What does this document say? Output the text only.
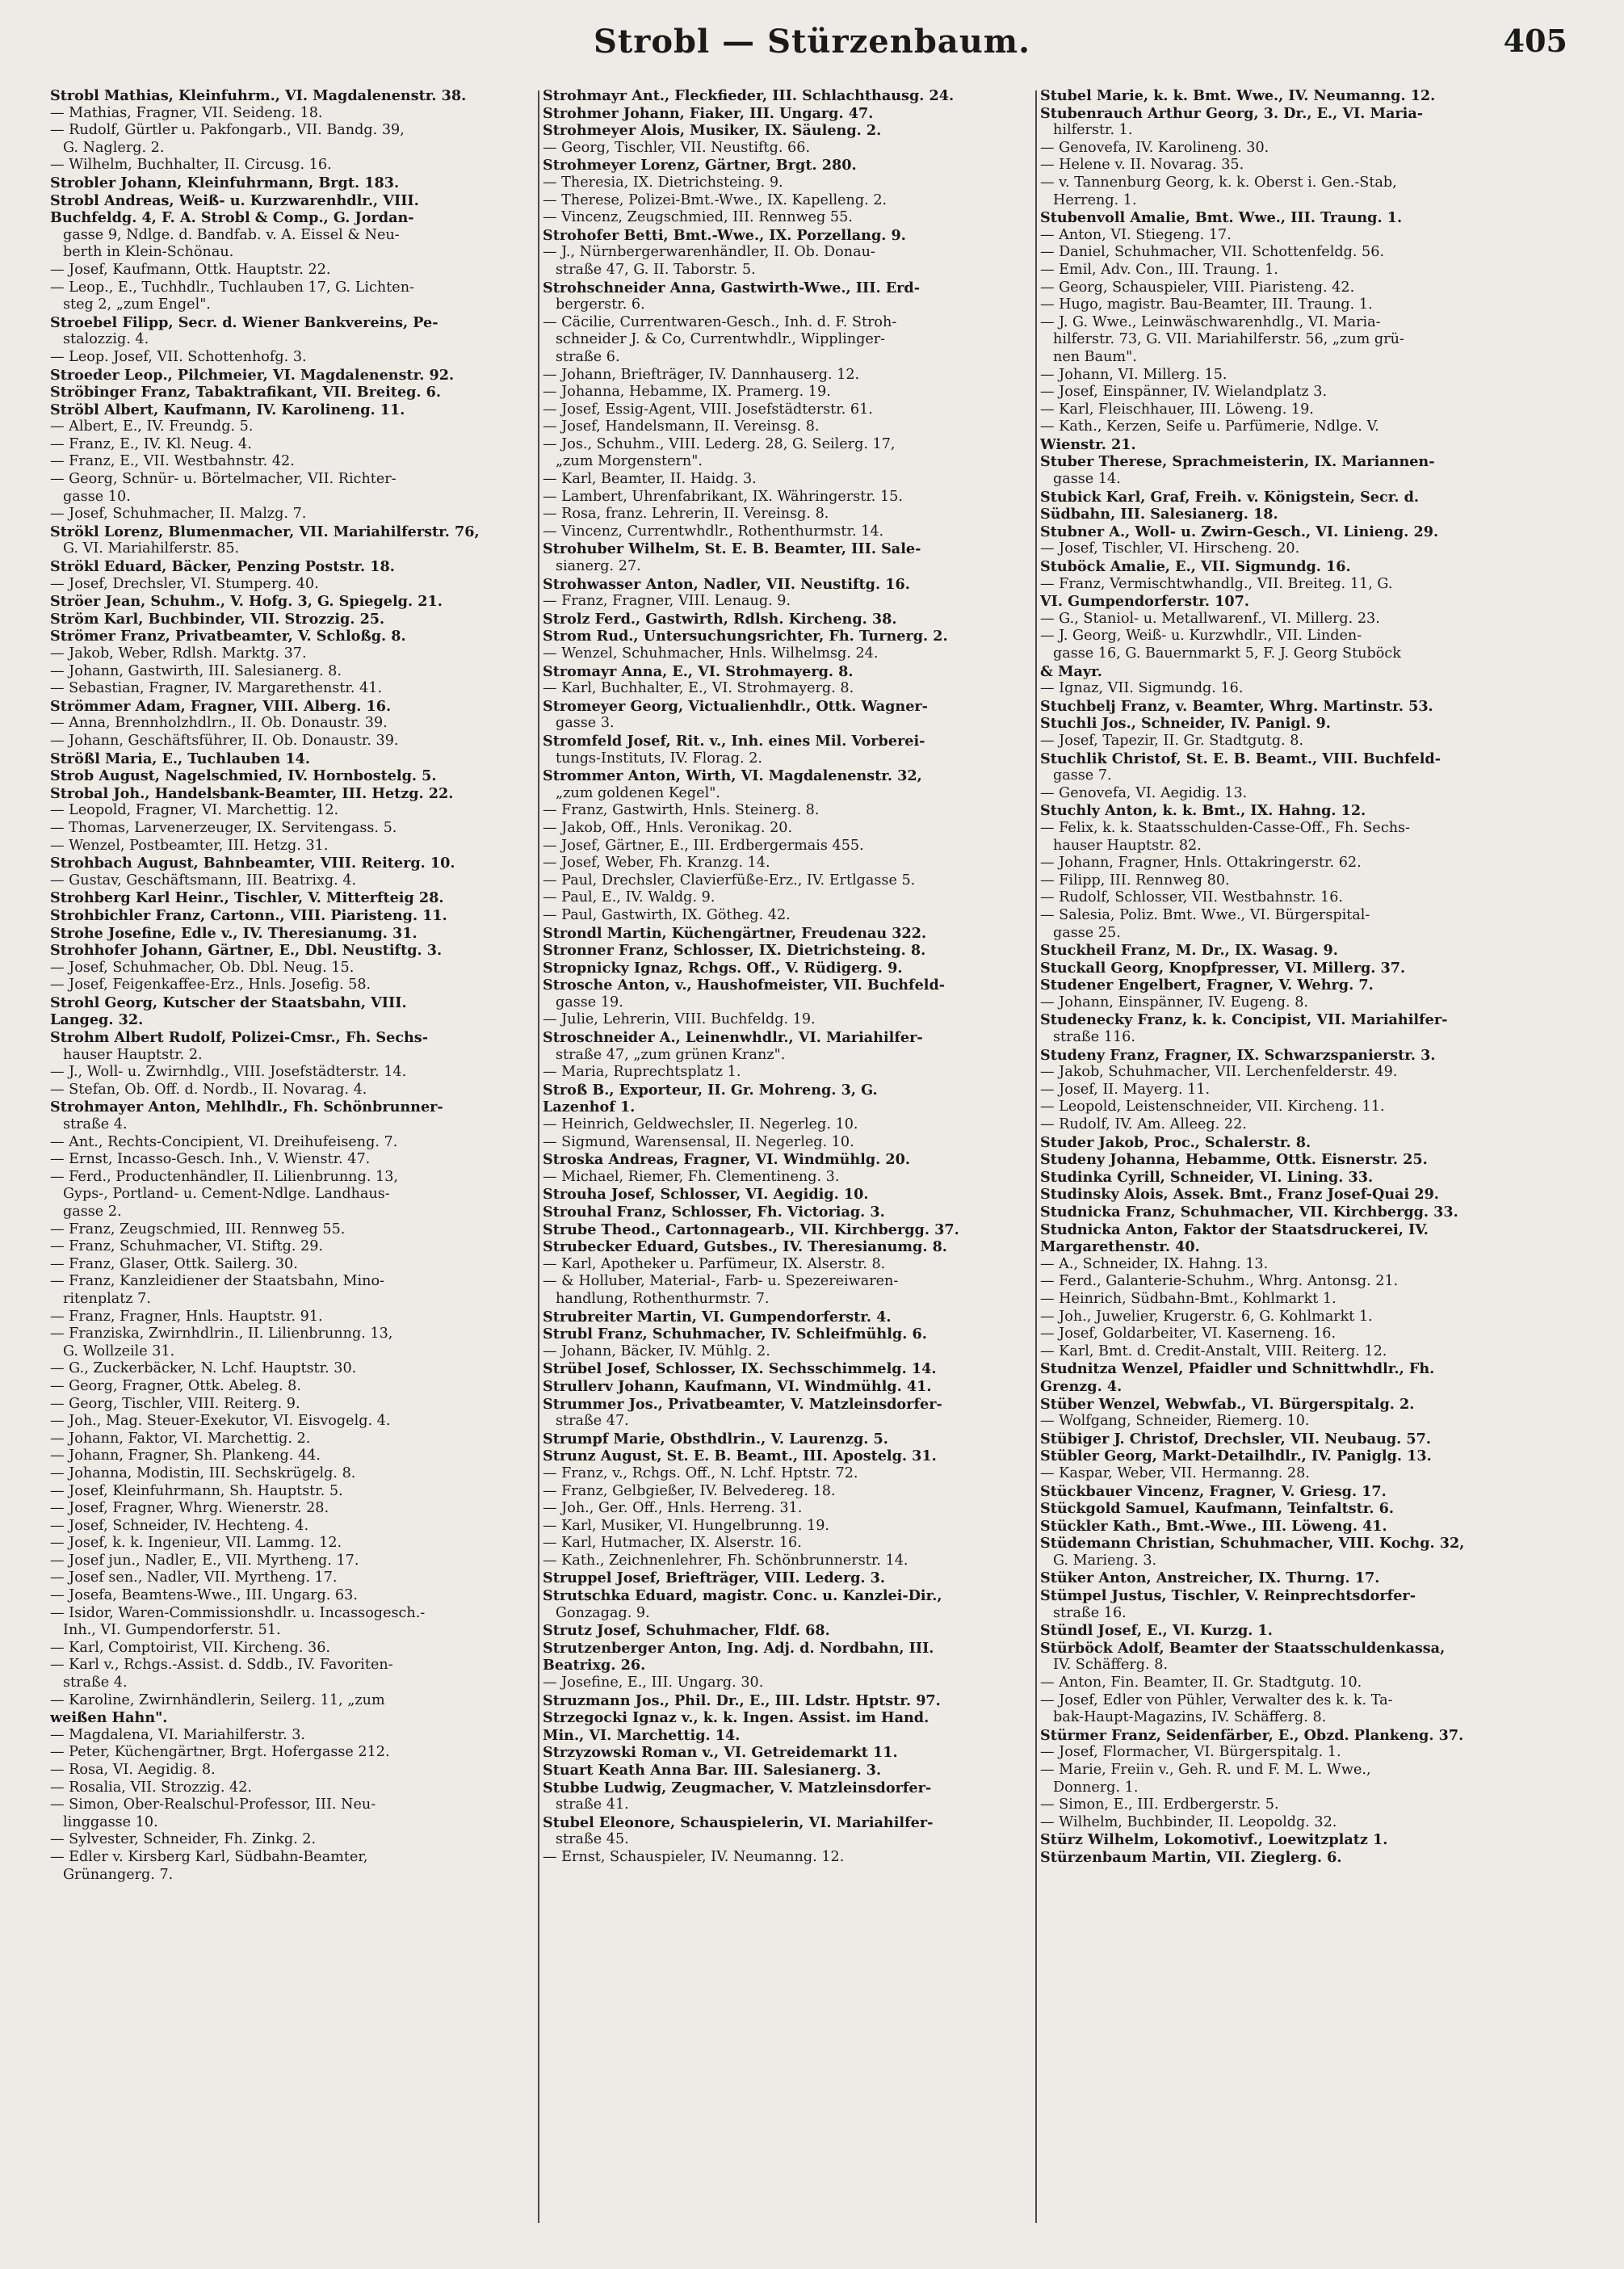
Strobl — Stürzenbaum.	405
Strobl Mathias, Kleinfuhrm., VI. Magdalenenstr. 38.
— Mathias, Fragner, VII. Seideng. 18.
— Rudolf, Gürtler u. Pakfongarb., VII. Bandg. 39,
G. Naglerg. 2.
— Wilhelm, Buchhalter, II. Circusg. 16.
Strobler Johann, Kleinfuhrmann, Brgt. 183.
Strobl Andreas, Weiß- u. Kurzwarenhdlr., VIII.
Buchfeldg. 4, F. A. Strobl & Comp., G. Jordan-
gasse 9, Ndlge. d. Bandfab. v. A. Eissel & Neu-
berth in Klein-Schönau.
— Josef, Kaufmann, Ottk. Hauptstr. 22.
— Leop., E., Tuchhdlr., Tuchlauben 17, G. Lichten-
steg 2, „zum Engel".
Stroebel Filipp, Secr. d. Wiener Bankvereins, Pe-
stalozzig. 4.
— Leop. Josef, VII. Schottenhofg. 3.
Stroeder Leop., Pilchmeier, VI. Magdalenenstr. 92.
Ströbinger Franz, Tabaktrafikant, VII. Breiteg. 6.
Ströbl Albert, Kaufmann, IV. Karolineng. 11.
— Albert, E., IV. Freundg. 5.
— Franz, E., IV. Kl. Neug. 4.
— Franz, E., VII. Westbahnstr. 42.
— Georg, Schnür- u. Börtelmacher, VII. Richter-
gasse 10.
— Josef, Schuhmacher, II. Malzg. 7.
Strökl Lorenz, Blumenmacher, VII. Mariahilferstr. 76,
G. VI. Mariahilferstr. 85.
Strökl Eduard, Bäcker, Penzing Poststr. 18.
— Josef, Drechsler, VI. Stumperg. 40.
Ströer Jean, Schuhm., V. Hofg. 3, G. Spiegelg. 21.
Ström Karl, Buchbinder, VII. Strozzig. 25.
Strömer Franz, Privatbeamter, V. Schloßg. 8.
— Jakob, Weber, Rdlsh. Marktg. 37.
— Johann, Gastwirth, III. Salesianerg. 8.
— Sebastian, Fragner, IV. Margarethenstr. 41.
Strömmer Adam, Fragner, VIII. Alberg. 16.
— Anna, Brennholzhdlrn., II. Ob. Donaustr. 39.
— Johann, Geschäftsführer, II. Ob. Donaustr. 39.
Strößl Maria, E., Tuchlauben 14.
Strob August, Nagelschmied, IV. Hornbostelg. 5.
Strobal Joh., Handelsbank-Beamter, III. Hetzg. 22.
— Leopold, Fragner, VI. Marchettig. 12.
— Thomas, Larvenerzeuger, IX. Servitengass. 5.
— Wenzel, Postbeamter, III. Hetzg. 31.
Strohbach August, Bahnbeamter, VIII. Reiterg. 10.
— Gustav, Geschäftsmann, III. Beatrixg. 4.
Strohberg Karl Heinr., Tischler, V. Mitterfteig 28.
Strohbichler Franz, Cartonn., VIII. Piaristeng. 11.
Strohe Josefine, Edle v., IV. Theresianumg. 31.
Strohhofer Johann, Gärtner, E., Dbl. Neustiftg. 3.
— Josef, Schuhmacher, Ob. Dbl. Neug. 15.
— Josef, Feigenkaffee-Erz., Hnls. Josefig. 58.
Strohl Georg, Kutscher der Staatsbahn, VIII.
Langeg. 32.
Strohm Albert Rudolf, Polizei-Cmsr., Fh. Sechs-
hauser Hauptstr. 2.
— J., Woll- u. Zwirnhdlg., VIII. Josefstädterstr. 14.
— Stefan, Ob. Off. d. Nordb., II. Novarag. 4.
Strohmayer Anton, Mehlhdlr., Fh. Schönbrunner-
straße 4.
— Ant., Rechts-Concipient, VI. Dreihufeiseng. 7.
— Ernst, Incasso-Gesch. Inh., V. Wienstr. 47.
— Ferd., Productenhändler, II. Lilienbrunng. 13,
Gyps-, Portland- u. Cement-Ndlge. Landhaus-
gasse 2.
— Franz, Zeugschmied, III. Rennweg 55.
— Franz, Schuhmacher, VI. Stiftg. 29.
— Franz, Glaser, Ottk. Sailerg. 30.
— Franz, Kanzleidiener der Staatsbahn, Mino-
ritenplatz 7.
— Franz, Fragner, Hnls. Hauptstr. 91.
— Franziska, Zwirnhdlrin., II. Lilienbrunng. 13,
G. Wollzeile 31.
— G., Zuckerbäcker, N. Lchf. Hauptstr. 30.
— Georg, Fragner, Ottk. Abeleg. 8.
— Georg, Tischler, VIII. Reiterg. 9.
— Joh., Mag. Steuer-Exekutor, VI. Eisvogelg. 4.
— Johann, Faktor, VI. Marchettig. 2.
— Johann, Fragner, Sh. Plankeng. 44.
— Johanna, Modistin, III. Sechskrügelg. 8.
— Josef, Kleinfuhrmann, Sh. Hauptstr. 5.
— Josef, Fragner, Whrg. Wienerstr. 28.
— Josef, Schneider, IV. Hechteng. 4.
— Josef, k. k. Ingenieur, VII. Lammg. 12.
— Josef jun., Nadler, E., VII. Myrtheng. 17.
— Josef sen., Nadler, VII. Myrtheng. 17.
— Josefa, Beamtens-Wwe., III. Ungarg. 63.
— Isidor, Waren-Commissionshdlr. u. Incassogesch.-
Inh., VI. Gumpendorferstr. 51.
— Karl, Comptoirist, VII. Kircheng. 36.
— Karl v., Rchgs.-Assist. d. Sddb., IV. Favoriten-
straße 4.
— Karoline, Zwirnhändlerin, Seilerg. 11, „zum
weißen Hahn".
— Magdalena, VI. Mariahilferstr. 3.
— Peter, Küchengärtner, Brgt. Hofergasse 212.
— Rosa, VI. Aegidig. 8.
— Rosalia, VII. Strozzig. 42.
— Simon, Ober-Realschul-Professor, III. Neu-
linggasse 10.
— Sylvester, Schneider, Fh. Zinkg. 2.
— Edler v. Kirsberg Karl, Südbahn-Beamter,
Grünangerg. 7.
Strohmayr Ant., Fleckfieder, III. Schlachthausg. 24.
Strohmer Johann, Fiaker, III. Ungarg. 47.
Strohmeyer Alois, Musiker, IX. Säuleng. 2.
— Georg, Tischler, VII. Neustiftg. 66.
Strohmeyer Lorenz, Gärtner, Brgt. 280.
— Theresia, IX. Dietrichsteing. 9.
— Therese, Polizei-Bmt.-Wwe., IX. Kapelleng. 2.
— Vincenz, Zeugschmied, III. Rennweg 55.
Strohofer Betti, Bmt.-Wwe., IX. Porzellang. 9.
— J., Nürnbergerwarenhändler, II. Ob. Donau-
straße 47, G. II. Taborstr. 5.
Strohschneider Anna, Gastwirth-Wwe., III. Erd-
bergerstr. 6.
— Cäcilie, Currentwaren-Gesch., Inh. d. F. Stroh-
schneider J. & Co, Currentwhdlr., Wipplinger-
straße 6.
— Johann, Briefträger, IV. Dannhauserg. 12.
— Johanna, Hebamme, IX. Pramerg. 19.
— Josef, Essig-Agent, VIII. Josefstädterstr. 61.
— Josef, Handelsmann, II. Vereinsg. 8.
— Jos., Schuhm., VIII. Lederg. 28, G. Seilerg. 17,
„zum Morgenstern".
— Karl, Beamter, II. Haidg. 3.
— Lambert, Uhrenfabrikant, IX. Währingerstr. 15.
— Rosa, franz. Lehrerin, II. Vereinsg. 8.
— Vincenz, Currentwhdlr., Rothenthurmstr. 14.
Strohuber Wilhelm, St. E. B. Beamter, III. Sale-
sianerg. 27.
Strohwasser Anton, Nadler, VII. Neustiftg. 16.
— Franz, Fragner, VIII. Lenaug. 9.
Strolz Ferd., Gastwirth, Rdlsh. Kircheng. 38.
Strom Rud., Untersuchungsrichter, Fh. Turnerg. 2.
— Wenzel, Schuhmacher, Hnls. Wilhelmsg. 24.
Stromayr Anna, E., VI. Strohmayerg. 8.
— Karl, Buchhalter, E., VI. Strohmayerg. 8.
Stromeyer Georg, Victualienhdlr., Ottk. Wagner-
gasse 3.
Stromfeld Josef, Rit. v., Inh. eines Mil. Vorberei-
tungs-Instituts, IV. Florag. 2.
Strommer Anton, Wirth, VI. Magdalenenstr. 32,
„zum goldenen Kegel".
— Franz, Gastwirth, Hnls. Steinerg. 8.
— Jakob, Off., Hnls. Veronikag. 20.
— Josef, Gärtner, E., III. Erdbergermais 455.
— Josef, Weber, Fh. Kranzg. 14.
— Paul, Drechsler, Clavierfüße-Erz., IV. Ertlgasse 5.
— Paul, E., IV. Waldg. 9.
— Paul, Gastwirth, IX. Götheg. 42.
Strondl Martin, Küchengärtner, Freudenau 322.
Stronner Franz, Schlosser, IX. Dietrichsteing. 8.
Stropnicky Ignaz, Rchgs. Off., V. Rüdigerg. 9.
Strosche Anton, v., Haushofmeister, VII. Buchfeld-
gasse 19.
— Julie, Lehrerin, VIII. Buchfeldg. 19.
Stroschneider A., Leinenwhdlr., VI. Mariahilfer-
straße 47, „zum grünen Kranz".
— Maria, Ruprechtsplatz 1.
Stroß B., Exporteur, II. Gr. Mohreng. 3, G.
Lazenhof 1.
— Heinrich, Geldwechsler, II. Negerleg. 10.
— Sigmund, Warensensal, II. Negerleg. 10.
Stroska Andreas, Fragner, VI. Windmühlg. 20.
— Michael, Riemer, Fh. Clementineng. 3.
Strouha Josef, Schlosser, VI. Aegidig. 10.
Strouhal Franz, Schlosser, Fh. Victoriag. 3.
Strube Theod., Cartonnagearb., VII. Kirchbergg. 37.
Strubecker Eduard, Gutsbes., IV. Theresianumg. 8.
— Karl, Apotheker u. Parfümeur, IX. Alserstr. 8.
— & Holluber, Material-, Farb- u. Spezereiwaren-
handlung, Rothenthurmstr. 7.
Strubreiter Martin, VI. Gumpendorferstr. 4.
Strubl Franz, Schuhmacher, IV. Schleifmühlg. 6.
— Johann, Bäcker, IV. Mühlg. 2.
Strübel Josef, Schlosser, IX. Sechsschimmelg. 14.
Strullerv Johann, Kaufmann, VI. Windmühlg. 41.
Strummer Jos., Privatbeamter, V. Matzleinsdorfer-
straße 47.
Strumpf Marie, Obsthdlrin., V. Laurenzg. 5.
Strunz August, St. E. B. Beamt., III. Apostelg. 31.
— Franz, v., Rchgs. Off., N. Lchf. Hptstr. 72.
— Franz, Gelbgießer, IV. Belvedereg. 18.
— Joh., Ger. Off., Hnls. Herreng. 31.
— Karl, Musiker, VI. Hungelbrunng. 19.
— Karl, Hutmacher, IX. Alserstr. 16.
— Kath., Zeichnenlehrer, Fh. Schönbrunnerstr. 14.
Struppel Josef, Briefträger, VIII. Lederg. 3.
Strutschka Eduard, magistr. Conc. u. Kanzlei-Dir.,
Gonzagag. 9.
Strutz Josef, Schuhmacher, Fldf. 68.
Strutzenberger Anton, Ing. Adj. d. Nordbahn, III.
Beatrixg. 26.
— Josefine, E., III. Ungarg. 30.
Struzmann Jos., Phil. Dr., E., III. Ldstr. Hptstr. 97.
Strzegocki Ignaz v., k. k. Ingen. Assist. im Hand.
Min., VI. Marchettig. 14.
Strzyzowski Roman v., VI. Getreidemarkt 11.
Stuart Keath Anna Bar. III. Salesianerg. 3.
Stubbe Ludwig, Zeugmacher, V. Matzleinsdorfer-
straße 41.
Stubel Eleonore, Schauspielerin, VI. Mariahilfer-
straße 45.
— Ernst, Schauspieler, IV. Neumanng. 12.
Stubel Marie, k. k. Bmt. Wwe., IV. Neumanng. 12.
Stubenrauch Arthur Georg, 3. Dr., E., VI. Maria-
hilferstr. 1.
— Genovefa, IV. Karolineng. 30.
— Helene v. II. Novarag. 35.
— v. Tannenburg Georg, k. k. Oberst i. Gen.-Stab,
Herreng. 1.
Stubenvoll Amalie, Bmt. Wwe., III. Traung. 1.
— Anton, VI. Stiegeng. 17.
— Daniel, Schuhmacher, VII. Schottenfeldg. 56.
— Emil, Adv. Con., III. Traung. 1.
— Georg, Schauspieler, VIII. Piaristeng. 42.
— Hugo, magistr. Bau-Beamter, III. Traung. 1.
— J. G. Wwe., Leinwäschwarenhdlg., VI. Maria-
hilferstr. 73, G. VII. Mariahilferstr. 56, „zum grü-
nen Baum".
— Johann, VI. Millerg. 15.
— Josef, Einspänner, IV. Wielandplatz 3.
— Karl, Fleischhauer, III. Löweng. 19.
— Kath., Kerzen, Seife u. Parfümerie, Ndlge. V.
Wienstr. 21.
Stuber Therese, Sprachmeisterin, IX. Mariannen-
gasse 14.
Stubick Karl, Graf, Freih. v. Königstein, Secr. d.
Südbahn, III. Salesianerg. 18.
Stubner A., Woll- u. Zwirn-Gesch., VI. Linieng. 29.
— Josef, Tischler, VI. Hirscheng. 20.
Stuböck Amalie, E., VII. Sigmundg. 16.
— Franz, Vermischtwhandlg., VII. Breiteg. 11, G.
VI. Gumpendorferstr. 107.
— G., Staniol- u. Metallwarenf., VI. Millerg. 23.
— J. Georg, Weiß- u. Kurzwhdlr., VII. Linden-
gasse 16, G. Bauernmarkt 5, F. J. Georg Stuböck
& Mayr.
— Ignaz, VII. Sigmundg. 16.
Stuchbelj Franz, v. Beamter, Whrg. Martinstr. 53.
Stuchli Jos., Schneider, IV. Panigl. 9.
— Josef, Tapezir, II. Gr. Stadtgutg. 8.
Stuchlik Christof, St. E. B. Beamt., VIII. Buchfeld-
gasse 7.
— Genovefa, VI. Aegidig. 13.
Stuchly Anton, k. k. Bmt., IX. Hahng. 12.
— Felix, k. k. Staatsschulden-Casse-Off., Fh. Sechs-
hauser Hauptstr. 82.
— Johann, Fragner, Hnls. Ottakringerstr. 62.
— Filipp, III. Rennweg 80.
— Rudolf, Schlosser, VII. Westbahnstr. 16.
— Salesia, Poliz. Bmt. Wwe., VI. Bürgerspital-
gasse 25.
Stuckheil Franz, M. Dr., IX. Wasag. 9.
Stuckall Georg, Knopfpresser, VI. Millerg. 37.
Studener Engelbert, Fragner, V. Wehrg. 7.
— Johann, Einspänner, IV. Eugeng. 8.
Studenecky Franz, k. k. Concipist, VII. Mariahilfer-
straße 116.
Studeny Franz, Fragner, IX. Schwarzspanierstr. 3.
— Jakob, Schuhmacher, VII. Lerchenfelderstr. 49.
— Josef, II. Mayerg. 11.
— Leopold, Leistenschneider, VII. Kircheng. 11.
— Rudolf, IV. Am. Alleeg. 22.
Studer Jakob, Proc., Schalerstr. 8.
Studeny Johanna, Hebamme, Ottk. Eisnerstr. 25.
Studinka Cyrill, Schneider, VI. Lining. 33.
Studinsky Alois, Assek. Bmt., Franz Josef-Quai 29.
Studnicka Franz, Schuhmacher, VII. Kirchbergg. 33.
Studnicka Anton, Faktor der Staatsdruckerei, IV.
Margarethenstr. 40.
— A., Schneider, IX. Hahng. 13.
— Ferd., Galanterie-Schuhm., Whrg. Antonsg. 21.
— Heinrich, Südbahn-Bmt., Kohlmarkt 1.
— Joh., Juwelier, Krugerstr. 6, G. Kohlmarkt 1.
— Josef, Goldarbeiter, VI. Kaserneng. 16.
— Karl, Bmt. d. Credit-Anstalt, VIII. Reiterg. 12.
Studnitza Wenzel, Pfaidler und Schnittwhdlr., Fh.
Grenzg. 4.
Stüber Wenzel, Webwfab., VI. Bürgerspitalg. 2.
— Wolfgang, Schneider, Riemerg. 10.
Stübiger J. Christof, Drechsler, VII. Neubaug. 57.
Stübler Georg, Markt-Detailhdlr., IV. Paniglg. 13.
— Kaspar, Weber, VII. Hermanng. 28.
Stückbauer Vincenz, Fragner, V. Griesg. 17.
Stückgold Samuel, Kaufmann, Teinfaltstr. 6.
Stückler Kath., Bmt.-Wwe., III. Löweng. 41.
Stüdemann Christian, Schuhmacher, VIII. Kochg. 32,
G. Marieng. 3.
Stüker Anton, Anstreicher, IX. Thurng. 17.
Stümpel Justus, Tischler, V. Reinprechtsdorfer-
straße 16.
Stündl Josef, E., VI. Kurzg. 1.
Stürböck Adolf, Beamter der Staatsschuldenkassa,
IV. Schäfferg. 8.
— Anton, Fin. Beamter, II. Gr. Stadtgutg. 10.
— Josef, Edler von Pühler, Verwalter des k. k. Ta-
bak-Haupt-Magazins, IV. Schäfferg. 8.
Stürmer Franz, Seidenfärber, E., Obzd. Plankeng. 37.
— Josef, Flormacher, VI. Bürgerspitalg. 1.
— Marie, Freiin v., Geh. R. und F. M. L. Wwe.,
Donnerg. 1.
— Simon, E., III. Erdbergerstr. 5.
— Wilhelm, Buchbinder, II. Leopoldg. 32.
Stürz Wilhelm, Lokomotivf., Loewitzplatz 1.
Stürzenbaum Martin, VII. Zieglerg. 6.
